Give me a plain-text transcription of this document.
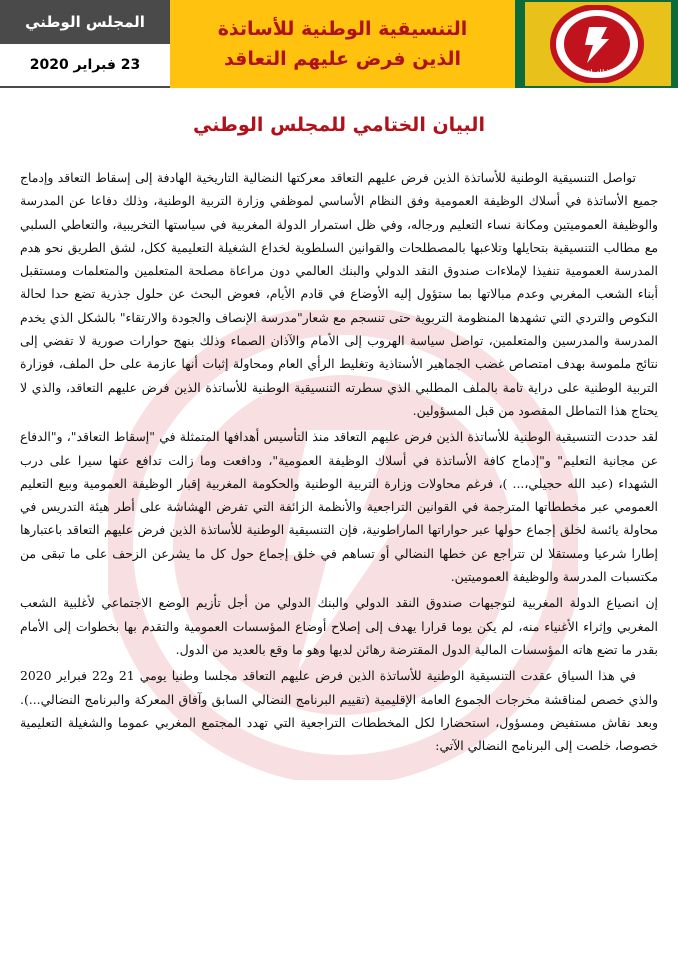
لا للتعاقد
التنسيقية الوطنية للأساتذة
الذين فرض عليهم التعاقد
المجلس الوطني
23 فبراير 2020
البيان الختامي للمجلس الوطني

تواصل التنسيقية الوطنية للأساتذة الذين فرض عليهم التعاقد معركتها النضالية التاريخية الهادفة إلى إسقاط التعاقد وإدماج جميع الأساتذة في أسلاك الوظيفة العمومية وفق النظام الأساسي لموظفي وزارة التربية الوطنية، وذلك دفاعا عن المدرسة والوظيفة العموميتين ومكانة نساء التعليم ورجاله، وفي ظل استمرار الدولة المغربية في سياستها التخريبية، والتعاطي السلبي مع مطالب التنسيقية بتحايلها وتلاعبها بالمصطلحات والقوانين السلطوية لخداع الشغيلة التعليمية ككل، لشق الطريق نحو هدم المدرسة العمومية تنفيذا لإملاءات صندوق النقد الدولي والبنك العالمي دون مراعاة مصلحة المتعلمين والمتعلمات ومستقبل أبناء الشعب المغربي وعدم مبالاتها بما ستؤول إليه الأوضاع في قادم الأيام، فعوض البحث عن حلول جذرية تضع حدا لحالة النكوص والتردي التي تشهدها المنظومة التربوية حتى تنسجم مع شعار"مدرسة الإنصاف والجودة والارتقاء" بالشكل الذي يخدم المدرسة والمدرسين والمتعلمين، تواصل سياسة الهروب إلى الأمام والآذان الصماء وذلك بنهج حوارات صورية لا تفضي إلى نتائج ملموسة بهدف امتصاص غضب الجماهير الأستاذية وتغليط الرأي العام ومحاولة إثبات أنها عازمة على حل الملف، فوزارة التربية الوطنية على دراية تامة بالملف المطلبي الذي سطرته التنسيقية الوطنية للأساتذة الذين فرض عليهم التعاقد، والذي لا يحتاج هذا التماطل المقصود من قبل المسؤولين.

لقد حددت التنسيقية الوطنية للأساتذة الذين فرض عليهم التعاقد منذ التأسيس أهدافها المتمثلة في "إسقاط التعاقد"، و"الدفاع عن مجانية التعليم" و"إدماج كافة الأساتذة في أسلاك الوظيفة العمومية"، ودافعت وما زالت تدافع عنها سيرا على درب الشهداء (عبد الله حجيلي،... )، فرغم محاولات وزارة التربية الوطنية والحكومة المغربية إقبار الوظيفة العمومية وبيع التعليم العمومي عبر مخططاتها المترجمة في القوانين التراجعية والأنظمة الزائفة التي تفرض الهشاشة على أطر هيئة التدريس في محاولة يائسة لخلق إجماع حولها عبر حواراتها الماراطونية، فإن التنسيقية الوطنية للأساتذة الذين فرض عليهم التعاقد باعتبارها إطارا شرعيا ومستقلا لن تتراجع عن خطها النضالي أو تساهم في خلق إجماع حول كل ما يشرعن الزحف على ما تبقى من مكتسبات المدرسة والوظيفة العموميتين.

إن انصياع الدولة المغربية لتوجيهات صندوق النقد الدولي والبنك الدولي من أجل تأزيم الوضع الاجتماعي لأغلبية الشعب المغربي وإثراء الأغنياء منه، لم يكن يوما قرارا يهدف إلى إصلاح أوضاع المؤسسات العمومية والتقدم بها بخطوات إلى الأمام بقدر ما تضع هاته المؤسسات المالية الدول المقترضة رهائن لديها وهو ما وقع بالعديد من الدول.

في هذا السياق عقدت التنسيقية الوطنية للأساتذة الذين فرض عليهم التعاقد مجلسا وطنيا يومي 21 و22 فبراير 2020 والذي خصص لمناقشة مخرجات الجموع العامة الإقليمية (تقييم البرنامج النضالي السابق وآفاق المعركة والبرنامج النضالي...). وبعد نقاش مستفيض ومسؤول، استحضارا لكل المخططات التراجعية التي تهدد المجتمع المغربي عموما والشغيلة التعليمية خصوصا، خلصت إلى البرنامج النضالي الآتي:
